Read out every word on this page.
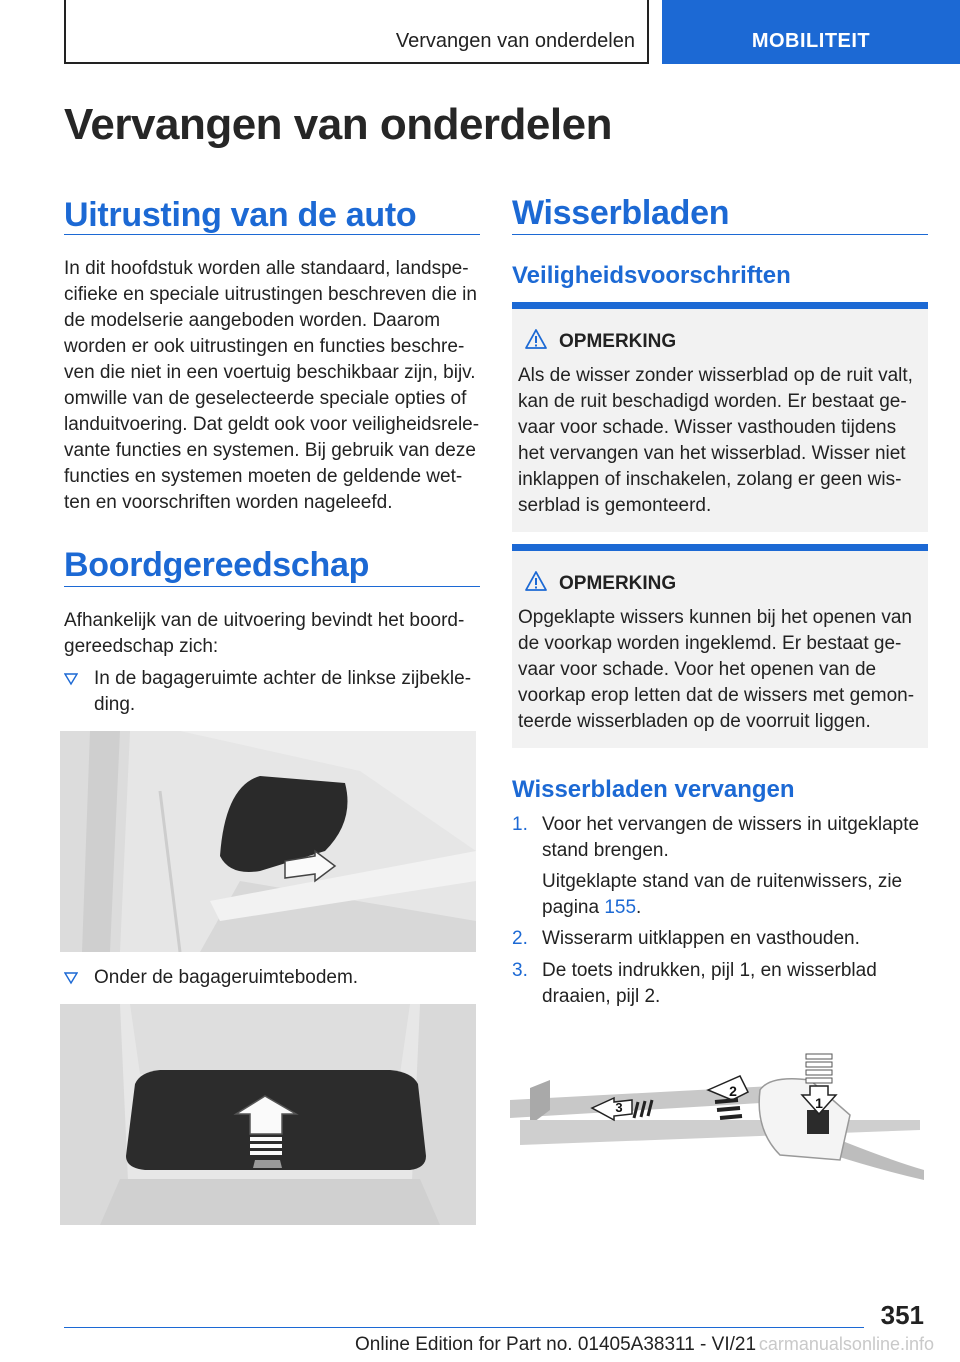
Vervangen van onderdelen	MOBILITEIT
Vervangen van onderdelen
Uitrusting van de auto
In dit hoofdstuk worden alle standaard, landspe-
cifieke en speciale uitrustingen beschreven die in
de modelserie aangeboden worden. Daarom
worden er ook uitrustingen en functies beschre-
ven die niet in een voertuig beschikbaar zijn, bijv.
omwille van de geselecteerde speciale opties of
landuitvoering. Dat geldt ook voor veiligheidsrele-
vante functies en systemen. Bij gebruik van deze
functies en systemen moeten de geldende wet-
ten en voorschriften worden nageleefd.
Boordgereedschap
Afhankelijk van de uitvoering bevindt het boord-
gereedschap zich:
In de bagageruimte achter de linkse zijbekle-
ding.
Onder de bagageruimtebodem.
Wisserbladen
Veiligheidsvoorschriften
OPMERKING
Als de wisser zonder wisserblad op de ruit valt,
kan de ruit beschadigd worden. Er bestaat ge-
vaar voor schade. Wisser vasthouden tijdens
het vervangen van het wisserblad. Wisser niet
inklappen of inschakelen, zolang er geen wis-
serblad is gemonteerd.
OPMERKING
Opgeklapte wissers kunnen bij het openen van
de voorkap worden ingeklemd. Er bestaat ge-
vaar voor schade. Voor het openen van de
voorkap erop letten dat de wissers met gemon-
teerde wisserbladen op de voorruit liggen.
Wisserbladen vervangen
1. Voor het vervangen de wissers in uitgeklapte
stand brengen.
Uitgeklapte stand van de ruitenwissers, zie
pagina 155.
2. Wisserarm uitklappen en vasthouden.
3. De toets indrukken, pijl 1, en wisserblad
draaien, pijl 2.
1
2
3
351
Online Edition for Part no. 01405A38311 - VI/21 carmanualsonline.info
